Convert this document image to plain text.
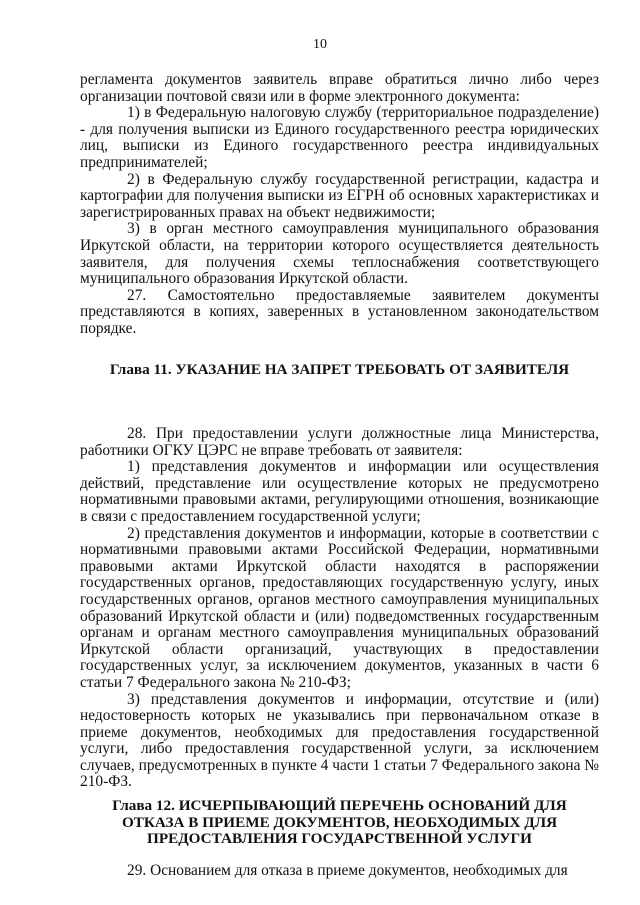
10

регламента документов заявитель вправе обратиться лично либо через организации почтовой связи или в форме электронного документа:

1) в Федеральную налоговую службу (территориальное подразделение) - для получения выписки из Единого государственного реестра юридических лиц, выписки из Единого государственного реестра индивидуальных предпринимателей;

2) в Федеральную службу государственной регистрации, кадастра и картографии для получения выписки из ЕГРН об основных характеристиках и зарегистрированных правах на объект недвижимости;

3) в орган местного самоуправления муниципального образования Иркутской области, на территории которого осуществляется деятельность заявителя, для получения схемы теплоснабжения соответствующего муниципального образования Иркутской области.

27. Самостоятельно предоставляемые заявителем документы представляются в копиях, заверенных в установленном законодательством порядке.

Глава 11. УКАЗАНИЕ НА ЗАПРЕТ ТРЕБОВАТЬ ОТ ЗАЯВИТЕЛЯ

28. При предоставлении услуги должностные лица Министерства, работники ОГКУ ЦЭРС не вправе требовать от заявителя:

1) представления документов и информации или осуществления действий, представление или осуществление которых не предусмотрено нормативными правовыми актами, регулирующими отношения, возникающие в связи с предоставлением государственной услуги;

2) представления документов и информации, которые в соответствии с нормативными правовыми актами Российской Федерации, нормативными правовыми актами Иркутской области находятся в распоряжении государственных органов, предоставляющих государственную услугу, иных государственных органов, органов местного самоуправления муниципальных образований Иркутской области и (или) подведомственных государственным органам и органам местного самоуправления муниципальных образований Иркутской области организаций, участвующих в предоставлении государственных услуг, за исключением документов, указанных в части 6 статьи 7 Федерального закона № 210-ФЗ;

3) представления документов и информации, отсутствие и (или) недостоверность которых не указывались при первоначальном отказе в приеме документов, необходимых для предоставления государственной услуги, либо предоставления государственной услуги, за исключением случаев, предусмотренных в пункте 4 части 1 статьи 7 Федерального закона № 210-ФЗ.

Глава 12. ИСЧЕРПЫВАЮЩИЙ ПЕРЕЧЕНЬ ОСНОВАНИЙ ДЛЯ

ОТКАЗА В ПРИЕМЕ ДОКУМЕНТОВ, НЕОБХОДИМЫХ ДЛЯ

ПРЕДОСТАВЛЕНИЯ ГОСУДАРСТВЕННОЙ УСЛУГИ

29. Основанием для отказа в приеме документов, необходимых для
